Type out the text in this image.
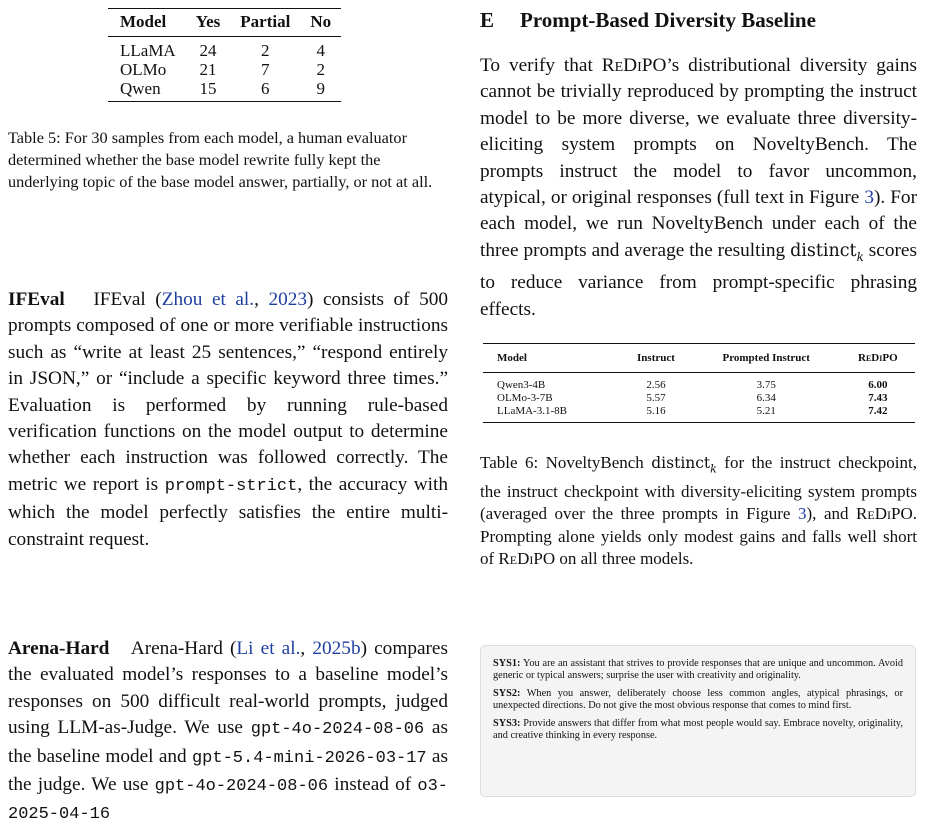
Model	Yes	Partial	No
LLaMA	24	2	4
OLMo	21	7	2
Qwen	15	6	9
Table 5: For 30 samples from each model, a human evaluator determined whether the base model rewrite fully kept the underlying topic of the base model answer, partially, or not at all.
IFEval IFEval (Zhou et al., 2023) consists of 500 prompts composed of one or more verifiable instructions such as “write at least 25 sentences,” “respond entirely in JSON,” or “include a specific keyword three times.” Evaluation is performed by running rule-based verification functions on the model output to determine whether each instruction was followed correctly. The metric we report is prompt-strict, the accuracy with which the model perfectly satisfies the entire multi-constraint request.
Arena-Hard Arena-Hard (Li et al., 2025b) compares the evaluated model’s responses to a baseline model’s responses on 500 difficult real-world prompts, judged using LLM-as-Judge. We use gpt-4o-2024-08-06 as the baseline model and gpt-5.4-mini-2026-03-17 as the judge. We use gpt-4o-2024-08-06 instead of o3-2025-04-16
E Prompt-Based Diversity Baseline
To verify that ReDiPO’s distributional diversity gains cannot be trivially reproduced by prompting the instruct model to be more diverse, we evaluate three diversity-eliciting system prompts on NoveltyBench. The prompts instruct the model to favor uncommon, atypical, or original responses (full text in Figure 3). For each model, we run NoveltyBench under each of the three prompts and average the resulting distinct$_k$ scores to reduce variance from prompt-specific phrasing effects.
Model	Instruct	Prompted Instruct	ReDiPO
Qwen3-4B	2.56	3.75	6.00
OLMo-3-7B	5.57	6.34	7.43
LLaMA-3.1-8B	5.16	5.21	7.42
Table 6: NoveltyBench distinct$_k$ for the instruct checkpoint, the instruct checkpoint with diversity-eliciting system prompts (averaged over the three prompts in Figure 3), and ReDiPO. Prompting alone yields only modest gains and falls well short of ReDiPO on all three models.

SYS1: You are an assistant that strives to provide responses that are unique and uncommon. Avoid generic or typical answers; surprise the user with creativity and originality.

SYS2: When you answer, deliberately choose less common angles, atypical phrasings, or unexpected directions. Do not give the most obvious response that comes to mind first.

SYS3: Provide answers that differ from what most people would say. Embrace novelty, originality, and creative thinking in every response.
